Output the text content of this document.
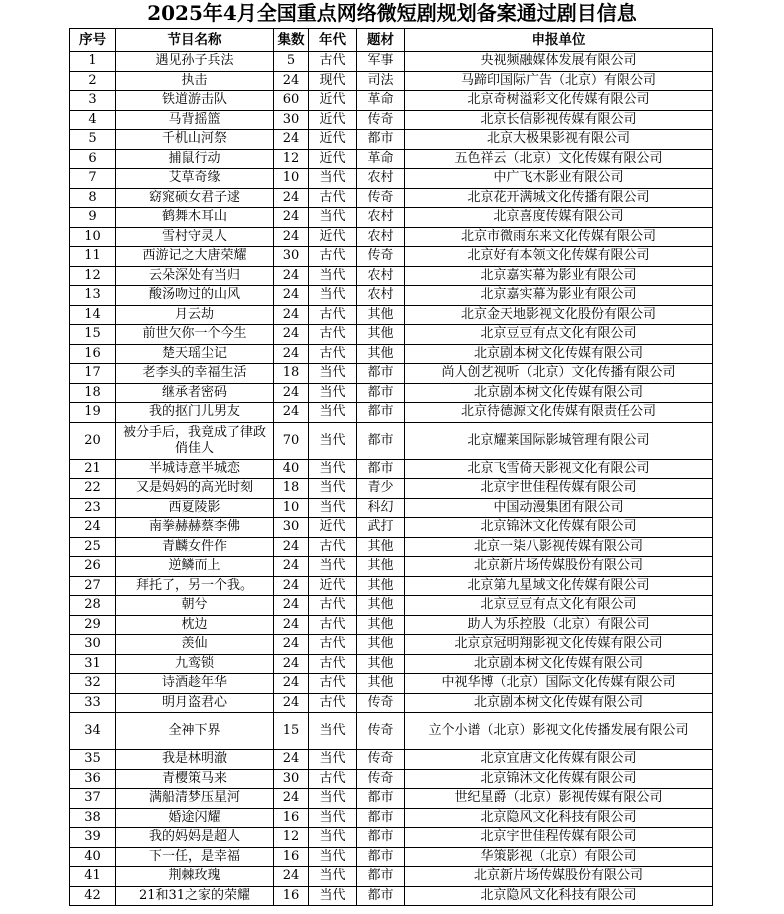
2025年4月全国重点网络微短剧规划备案通过剧目信息
序号	节目名称	集数	年代	题材	申报单位
1	遇见孙子兵法	5	古代	军事	央视频融媒体发展有限公司
2	执击	24	现代	司法	马蹄印国际广告（北京）有限公司
3	铁道游击队	60	近代	革命	北京奇树溢彩文化传媒有限公司
4	马背摇篮	30	近代	传奇	北京长信影视传媒有限公司
5	千机山河祭	24	近代	都市	北京大极果影视有限公司
6	捕鼠行动	12	近代	革命	五色祥云（北京）文化传媒有限公司
7	艾草奇缘	10	当代	农村	中广飞木影业有限公司
8	窈窕硕女君子逑	24	古代	传奇	北京花开满城文化传播有限公司
9	鹤舞木耳山	24	当代	农村	北京喜度传媒有限公司
10	雪村守灵人	24	近代	农村	北京市微雨东来文化传媒有限公司
11	西游记之大唐荣耀	30	古代	传奇	北京好有本领文化传媒有限公司
12	云朵深处有当归	24	当代	农村	北京嘉实幕为影业有限公司
13	酸汤吻过的山风	24	当代	农村	北京嘉实幕为影业有限公司
14	月云劫	24	古代	其他	北京金天地影视文化股份有限公司
15	前世欠你一个今生	24	古代	其他	北京豆豆有点文化有限公司
16	楚天瑶尘记	24	古代	其他	北京剧本树文化传媒有限公司
17	老李头的幸福生活	18	当代	都市	尚人创艺视听（北京）文化传播有限公司
18	继承者密码	24	当代	都市	北京剧本树文化传媒有限公司
19	我的抠门儿男友	24	当代	都市	北京待德源文化传媒有限责任公司
20	被分手后，我竟成了律政俏佳人	70	当代	都市	北京耀莱国际影城管理有限公司
21	半城诗意半城恋	40	当代	都市	北京飞雪倚天影视文化有限公司
22	又是妈妈的高光时刻	18	当代	青少	北京宇世佳程传媒有限公司
23	西夏陵影	10	当代	科幻	中国动漫集团有限公司
24	南拳赫赫蔡李佛	30	近代	武打	北京锦沐文化传媒有限公司
25	青麟女件作	24	古代	其他	北京一柒八影视传媒有限公司
26	逆鳞而上	24	当代	其他	北京新片场传媒股份有限公司
27	拜托了，另一个我。	24	近代	其他	北京第九星域文化传媒有限公司
28	朝兮	24	古代	其他	北京豆豆有点文化有限公司
29	枕边	24	古代	其他	助人为乐控股（北京）有限公司
30	羡仙	24	古代	其他	北京京冠明翔影视文化传媒有限公司
31	九鸾锁	24	古代	其他	北京剧本树文化传媒有限公司
32	诗酒趁年华	24	古代	其他	中视华博（北京）国际文化传媒有限公司
33	明月盗君心	24	古代	传奇	北京剧本树文化传媒有限公司
34	全神下界	15	当代	传奇	立个小谱（北京）影视文化传播发展有限公司
35	我是林明澈	24	当代	传奇	北京宜唐文化传媒有限公司
36	青樱策马来	30	古代	传奇	北京锦沐文化传媒有限公司
37	满船清梦压星河	24	当代	都市	世纪星爵（北京）影视传媒有限公司
38	婚途闪耀	16	当代	都市	北京隐风文化科技有限公司
39	我的妈妈是超人	12	当代	都市	北京宇世佳程传媒有限公司
40	下一任，是幸福	16	当代	都市	华策影视（北京）有限公司
41	荆棘玫瑰	24	当代	都市	北京新片场传媒股份有限公司
42	21和31之家的荣耀	16	当代	都市	北京隐风文化科技有限公司
